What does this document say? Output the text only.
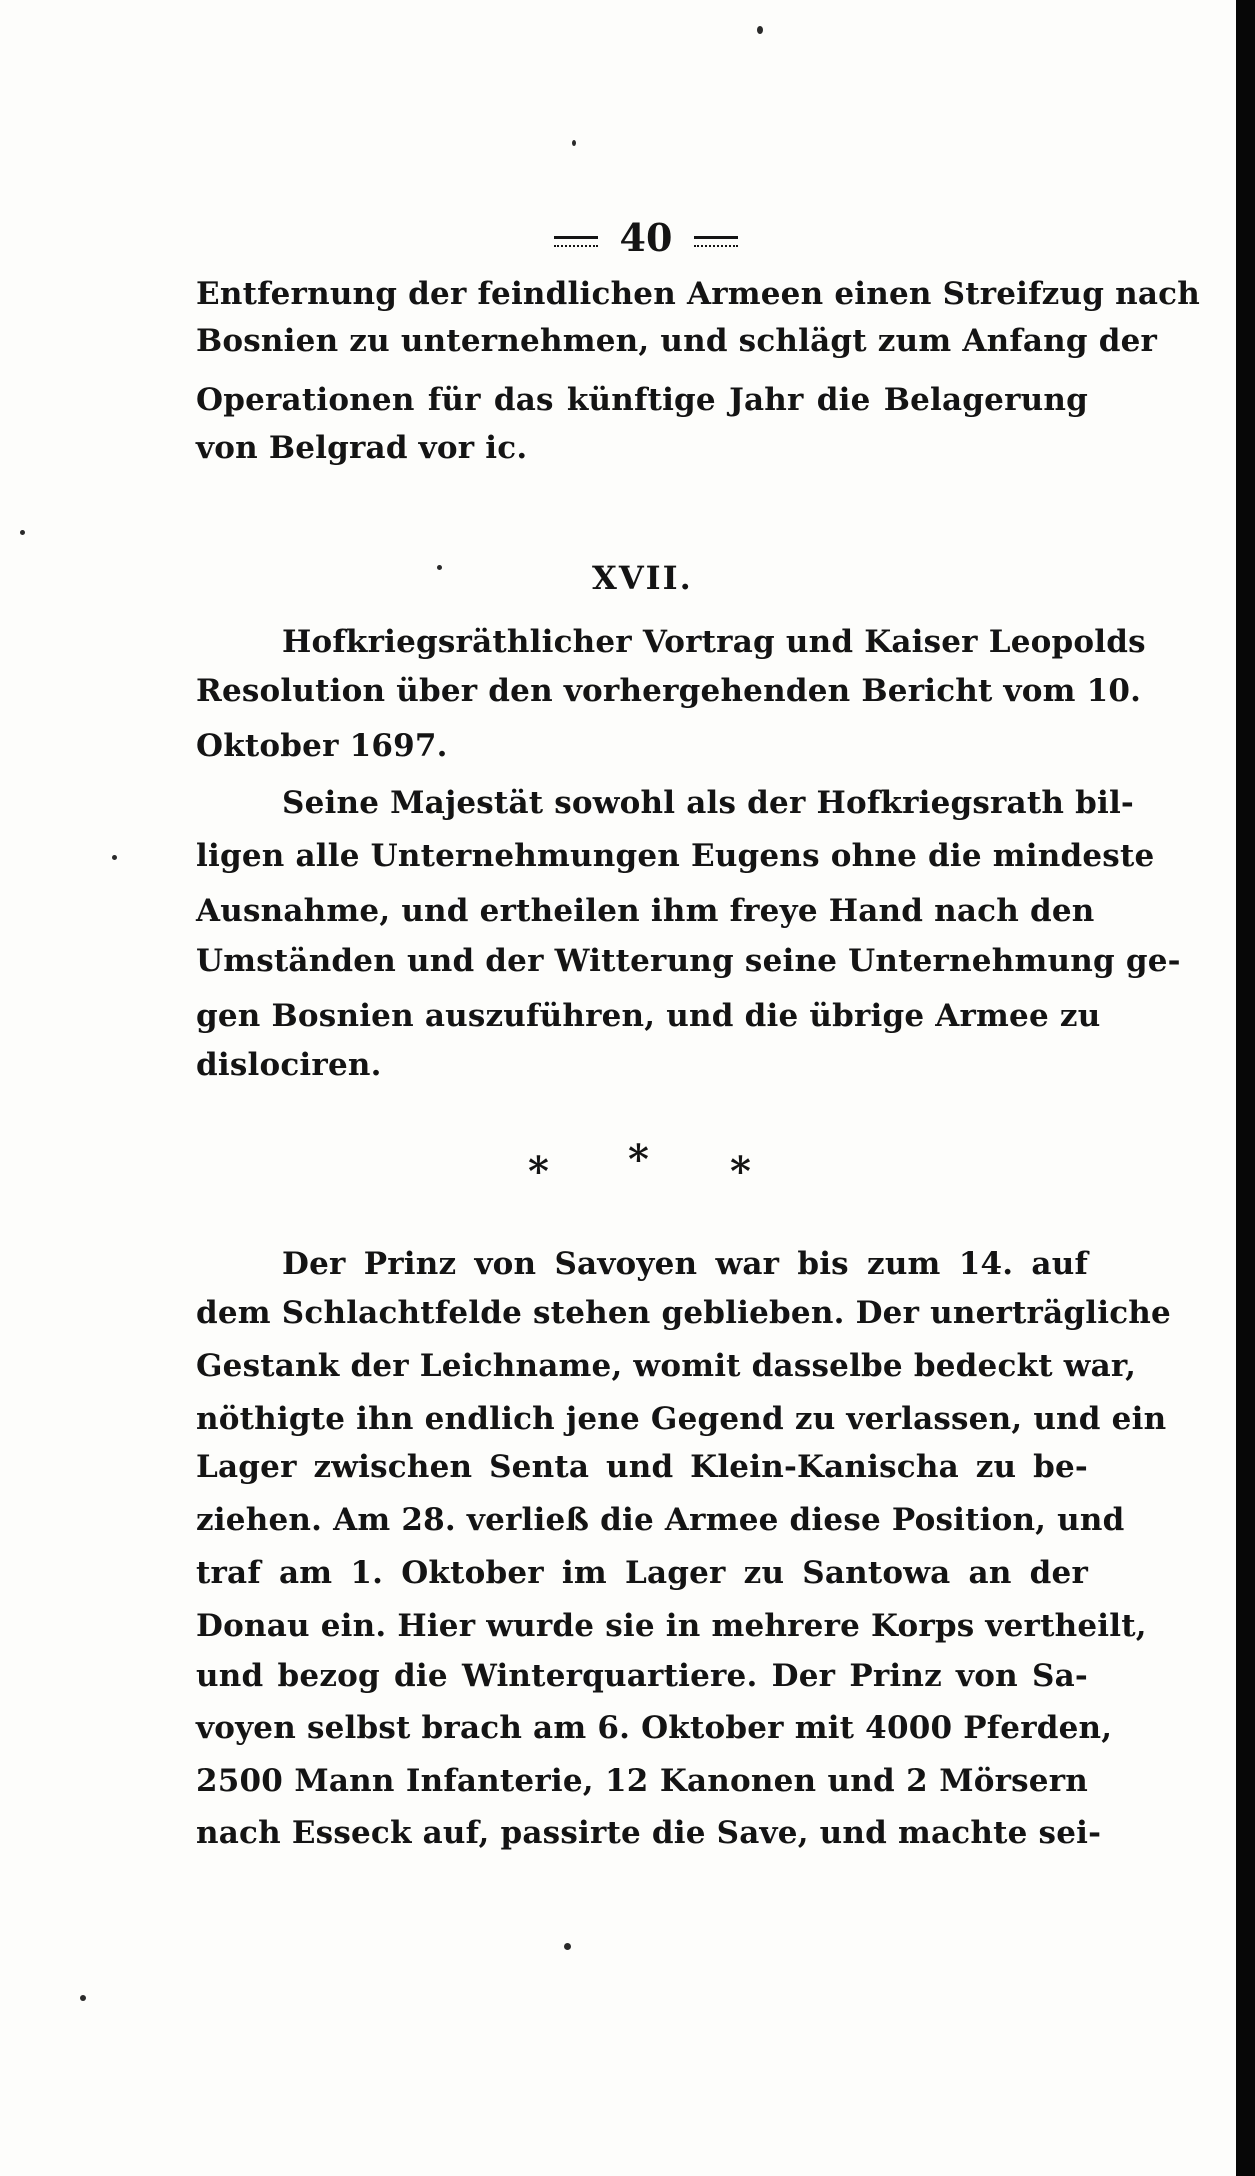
40
Entfernung der feindlichen Armeen einen Streifzug nach
Bosnien zu unternehmen, und schlägt zum Anfang der
Operationen für das künftige Jahr die Belagerung
von Belgrad vor ic.
XVII.
Hofkriegsräthlicher Vortrag und Kaiser Leopolds
Resolution über den vorhergehenden Bericht vom 10.
Oktober 1697.
Seine Majestät sowohl als der Hofkriegsrath bil-
ligen alle Unternehmungen Eugens ohne die mindeste
Ausnahme, und ertheilen ihm freye Hand nach den
Umständen und der Witterung seine Unternehmung ge-
gen Bosnien auszuführen, und die übrige Armee zu
dislociren.
* * *
Der Prinz von Savoyen war bis zum 14. auf
dem Schlachtfelde stehen geblieben. Der unerträgliche
Gestank der Leichname, womit dasselbe bedeckt war,
nöthigte ihn endlich jene Gegend zu verlassen, und ein
Lager zwischen Senta und Klein-Kanischa zu be-
ziehen. Am 28. verließ die Armee diese Position, und
traf am 1. Oktober im Lager zu Santowa an der
Donau ein. Hier wurde sie in mehrere Korps vertheilt,
und bezog die Winterquartiere. Der Prinz von Sa-
voyen selbst brach am 6. Oktober mit 4000 Pferden,
2500 Mann Infanterie, 12 Kanonen und 2 Mörsern
nach Esseck auf, passirte die Save, und machte sei-
